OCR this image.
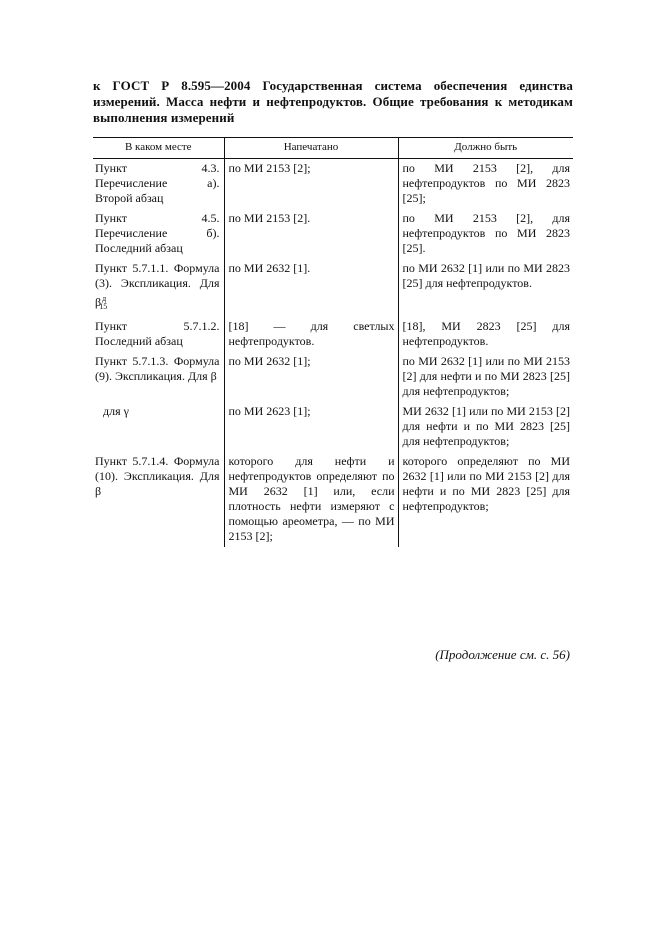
к ГОСТ Р 8.595—2004 Государственная система обеспечения единства измерений. Масса нефти и нефтепродуктов. Общие требования к методикам выполнения измерений
В каком месте	Напечатано	Должно быть
Пункт 4.3. Перечисление а). Второй абзац	по МИ 2153 [2];	по МИ 2153 [2], для нефтепродуктов по МИ 2823 [25];
Пункт 4.5. Перечисление б). Последний абзац	по МИ 2153 [2].	по МИ 2153 [2], для нефтепродуктов по МИ 2823 [25].
Пункт 5.7.1.1. Формула (3). Экспликация. Для $\beta^д_{15}$	по МИ 2632 [1].	по МИ 2632 [1] или по МИ 2823 [25] для нефтепродуктов.
Пункт 5.7.1.2. Последний абзац	[18] — для светлых нефтепродуктов.	[18], МИ 2823 [25] для нефтепродуктов.
Пункт 5.7.1.3. Формула (9). Экспликация. Для β	по МИ 2632 [1];	по МИ 2632 [1] или по МИ 2153 [2] для нефти и по МИ 2823 [25] для нефтепродуктов;
для γ	по МИ 2623 [1];	МИ 2632 [1] или по МИ 2153 [2] для нефти и по МИ 2823 [25] для нефтепродуктов;
Пункт 5.7.1.4. Формула (10). Экспликация. Для β	которого для нефти и нефтепродуктов определяют по МИ 2632 [1] или, если плотность нефти измеряют с помощью ареометра, — по МИ 2153 [2];	которого определяют по МИ 2632 [1] или по МИ 2153 [2] для нефти и по МИ 2823 [25] для нефтепродуктов;
(Продолжение см. с. 56)
